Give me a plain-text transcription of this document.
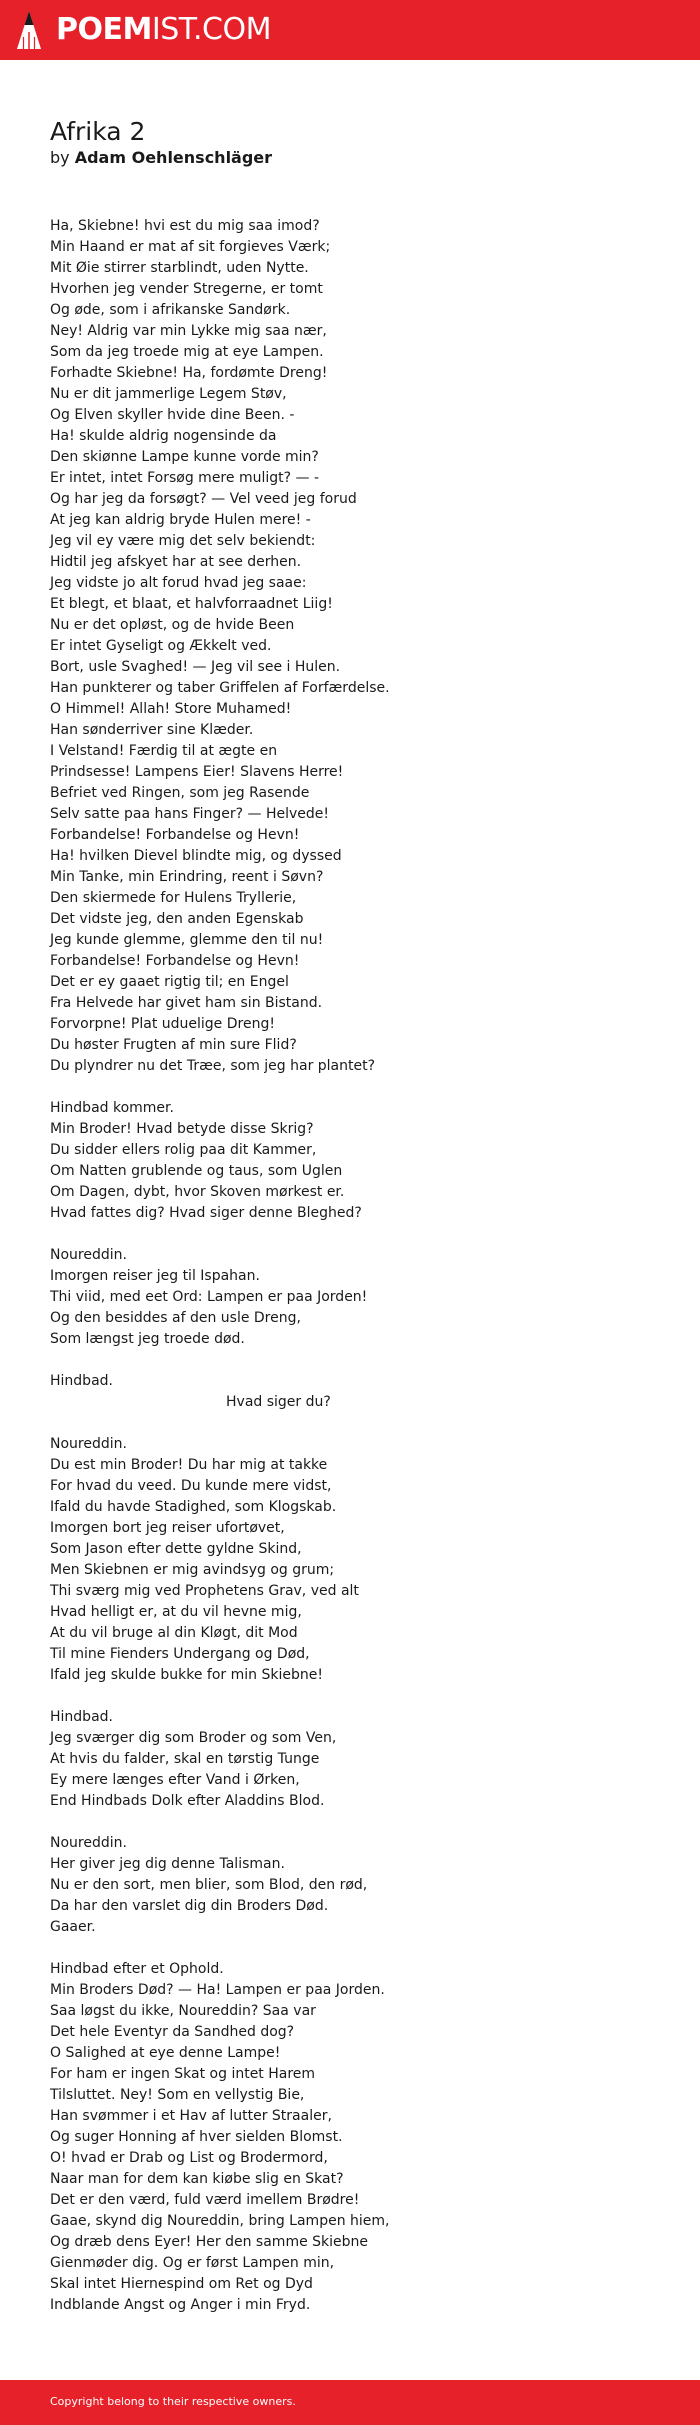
POEMIST.COM
Afrika 2
by Adam Oehlenschläger
Ha, Skiebne! hvi est du mig saa imod?
Min Haand er mat af sit forgieves Værk;
Mit Øie stirrer starblindt, uden Nytte.
Hvorhen jeg vender Stregerne, er tomt
Og øde, som i afrikanske Sandørk.
Ney! Aldrig var min Lykke mig saa nær,
Som da jeg troede mig at eye Lampen.
Forhadte Skiebne! Ha, fordømte Dreng!
Nu er dit jammerlige Legem Støv,
Og Elven skyller hvide dine Been. -
Ha! skulde aldrig nogensinde da
Den skiønne Lampe kunne vorde min?
Er intet, intet Forsøg mere muligt? — -
Og har jeg da forsøgt? — Vel veed jeg forud
At jeg kan aldrig bryde Hulen mere! -
Jeg vil ey være mig det selv bekiendt:
Hidtil jeg afskyet har at see derhen.
Jeg vidste jo alt forud hvad jeg saae:
Et blegt, et blaat, et halvforraadnet Liig!
Nu er det opløst, og de hvide Been
Er intet Gyseligt og Ækkelt ved.
Bort, usle Svaghed! — Jeg vil see i Hulen.
Han punkterer og taber Griffelen af Forfærdelse.
O Himmel! Allah! Store Muhamed!
Han sønderriver sine Klæder.
I Velstand! Færdig til at ægte en
Prindsesse! Lampens Eier! Slavens Herre!
Befriet ved Ringen, som jeg Rasende
Selv satte paa hans Finger? — Helvede!
Forbandelse! Forbandelse og Hevn!
Ha! hvilken Dievel blindte mig, og dyssed
Min Tanke, min Erindring, reent i Søvn?
Den skiermede for Hulens Tryllerie,
Det vidste jeg, den anden Egenskab
Jeg kunde glemme, glemme den til nu!
Forbandelse! Forbandelse og Hevn!
Det er ey gaaet rigtig til; en Engel
Fra Helvede har givet ham sin Bistand.
Forvorpne! Plat uduelige Dreng!
Du høster Frugten af min sure Flid?
Du plyndrer nu det Træe, som jeg har plantet?
Hindbad kommer.
Min Broder! Hvad betyde disse Skrig?
Du sidder ellers rolig paa dit Kammer,
Om Natten grublende og taus, som Uglen
Om Dagen, dybt, hvor Skoven mørkest er.
Hvad fattes dig? Hvad siger denne Bleghed?
Noureddin.
Imorgen reiser jeg til Ispahan.
Thi viid, med eet Ord: Lampen er paa Jorden!
Og den besiddes af den usle Dreng,
Som længst jeg troede død.
Hindbad.
Hvad siger du?
Noureddin.
Du est min Broder! Du har mig at takke
For hvad du veed. Du kunde mere vidst,
Ifald du havde Stadighed, som Klogskab.
Imorgen bort jeg reiser ufortøvet,
Som Jason efter dette gyldne Skind,
Men Skiebnen er mig avindsyg og grum;
Thi sværg mig ved Prophetens Grav, ved alt
Hvad helligt er, at du vil hevne mig,
At du vil bruge al din Kløgt, dit Mod
Til mine Fienders Undergang og Død,
Ifald jeg skulde bukke for min Skiebne!
Hindbad.
Jeg sværger dig som Broder og som Ven,
At hvis du falder, skal en tørstig Tunge
Ey mere længes efter Vand i Ørken,
End Hindbads Dolk efter Aladdins Blod.
Noureddin.
Her giver jeg dig denne Talisman.
Nu er den sort, men blier, som Blod, den rød,
Da har den varslet dig din Broders Død.
Gaaer.
Hindbad efter et Ophold.
Min Broders Død? — Ha! Lampen er paa Jorden.
Saa løgst du ikke, Noureddin? Saa var
Det hele Eventyr da Sandhed dog?
O Salighed at eye denne Lampe!
For ham er ingen Skat og intet Harem
Tilsluttet. Ney! Som en vellystig Bie,
Han svømmer i et Hav af lutter Straaler,
Og suger Honning af hver sielden Blomst.
O! hvad er Drab og List og Brodermord,
Naar man for dem kan kiøbe slig en Skat?
Det er den værd, fuld værd imellem Brødre!
Gaae, skynd dig Noureddin, bring Lampen hiem,
Og dræb dens Eyer! Her den samme Skiebne
Gienmøder dig. Og er først Lampen min,
Skal intet Hiernespind om Ret og Dyd
Indblande Angst og Anger i min Fryd.
Copyright belong to their respective owners.
